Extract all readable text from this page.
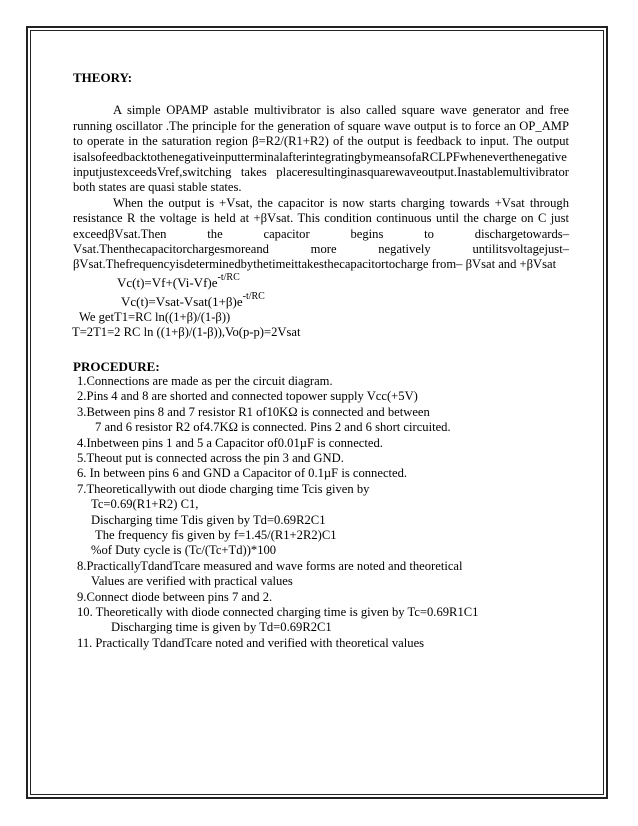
THEORY:

A simple OPAMP astable multivibrator is also called square wave generator and free running oscillator .The principle for the generation of square wave output is to force an OP_AMP to operate in the saturation region β=R2/(R1+R2) of the output is feedback to input. The output isalsofeedbacktothenegativeinputterminalafterintegratingbymeansofaRCLPFwheneverthenegative inputjustexceedsVref,switching takes placeresultinginasquarewaveoutput.Inastablemultivibrator both states are quasi stable states.

When the output is +Vsat, the capacitor is now starts charging towards +Vsat through resistance R the voltage is held at +βVsat. This condition continuous until the charge on C just exceedβVsat.Then the capacitor begins to dischargetowards–Vsat.Thenthecapacitorchargesmoreand more negatively untilitsvoltagejust–βVsat.Thefrequencyisdeterminedbythetimeittakesthecapacitortocharge from– βVsat and +βVsat

$Vc(t)=Vf+(Vi-Vf)e^{-t/RC}$

$Vc(t)=Vsat-Vsat(1+\beta)e^{-t/RC}$

We getT1=RC ln((1+β)/(1-β))

T=2T1=2 RC ln ((1+β)/(1-β)),Vo(p-p)=2Vsat

PROCEDURE:

1.Connections are made as per the circuit diagram.

2.Pins 4 and 8 are shorted and connected topower supply Vcc(+5V)

3.Between pins 8 and 7 resistor R1 of10KΩ is connected and between

7 and 6 resistor R2 of4.7KΩ is connected. Pins 2 and 6 short circuited.

4.Inbetween pins 1 and 5 a Capacitor of0.01µF is connected.

5.Theout put is connected across the pin 3 and GND.

6. In between pins 6 and GND a Capacitor of 0.1µF is connected.

7.Theoreticallywith out diode charging time Tcis given by

Tc=0.69(R1+R2) C1,

Discharging time Tdis given by Td=0.69R2C1

The frequency fis given by f=1.45/(R1+2R2)C1

%of Duty cycle is (Tc/(Tc+Td))*100

8.PracticallyTdandTcare measured and wave forms are noted and theoretical

Values are verified with practical values

9.Connect diode between pins 7 and 2.

10. Theoretically with diode connected charging time is given by Tc=0.69R1C1

Discharging time is given by Td=0.69R2C1

11. Practically TdandTcare noted and verified with theoretical values
